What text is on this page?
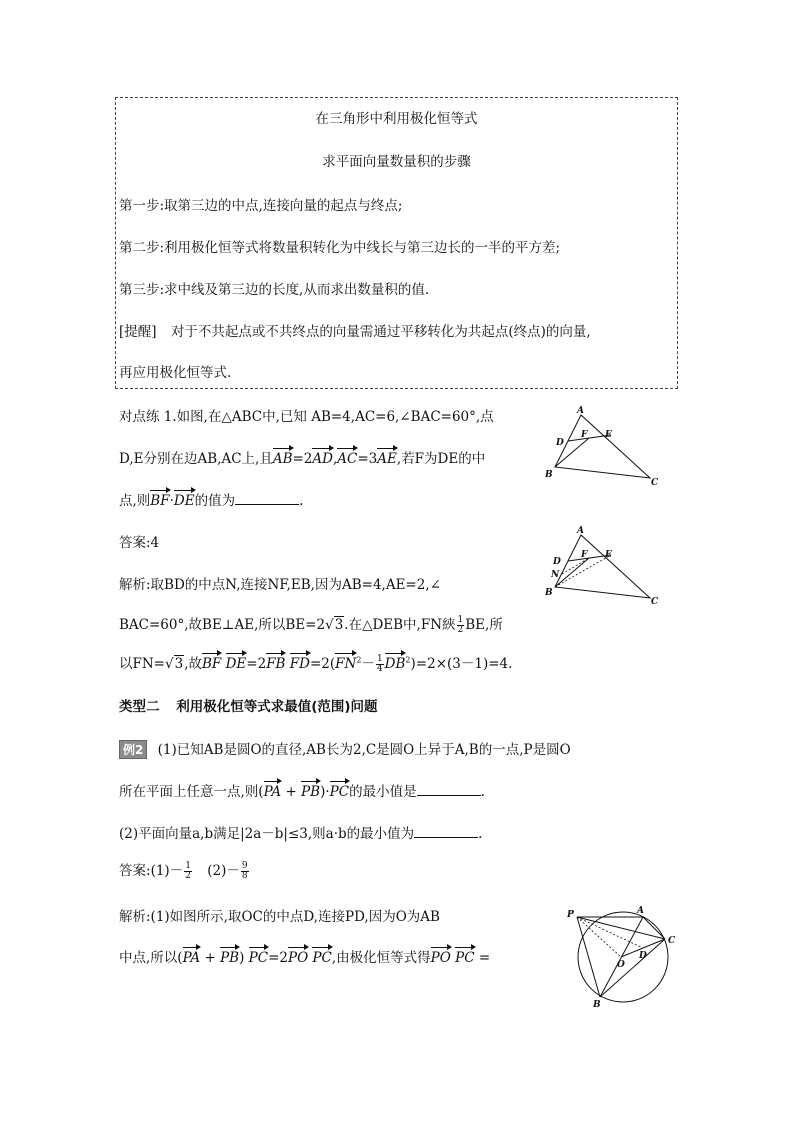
在三角形中利用极化恒等式
求平面向量数量积的步骤
第一步:取第三边的中点,连接向量的起点与终点;
第二步:利用极化恒等式将数量积转化为中线长与第三边长的一半的平方差;
第三步:求中线及第三边的长度,从而求出数量积的值.
[提醒] 对于不共起点或不共终点的向量需通过平移转化为共起点(终点)的向量,
再应用极化恒等式.
对点练 1.如图,在△ABC中,已知 AB=4,AC=6,∠BAC=60°,点
D,E分别在边AB,AC上,且AB=2AD,AC=3AE,若F为DE的中
点,则BF·DE的值为	.
答案:4
解析:取BD的中点N,连接NF,EB,因为AB=4,AE=2,∠
BAC=60°,故BE⊥AE,所以BE=2√3.在△DEB中,FN綊 $\frac{1}{2}$ BE,所
以FN=√3,故BF DE=2FB $FD=2(FN^2- \frac{1}{4} DB^2)=2\times(3-1)=4$.
类型二 利用极化恒等式求最值(范围)问题
例2 (1)已知AB是圆O的直径,AB长为2,C是圆O上异于A,B的一点,P是圆O
所在平面上任意一点,则(PA + PB)·PC的最小值是	.
(2)平面向量a,b满足|2a－b|≤3,则a·b的最小值为	.
答案:(1)－ $\frac{1}{2} (2)- \frac{9}{8}$
解析:(1)如图所示,取OC的中点D,连接PD,因为O为AB
中点,所以(PA + PB) PC=2PO PC,由极化恒等式得PO PC =
A
B
C
D
E
F
A
B
C
D
N
E
F
P	A
C
O
D
B
